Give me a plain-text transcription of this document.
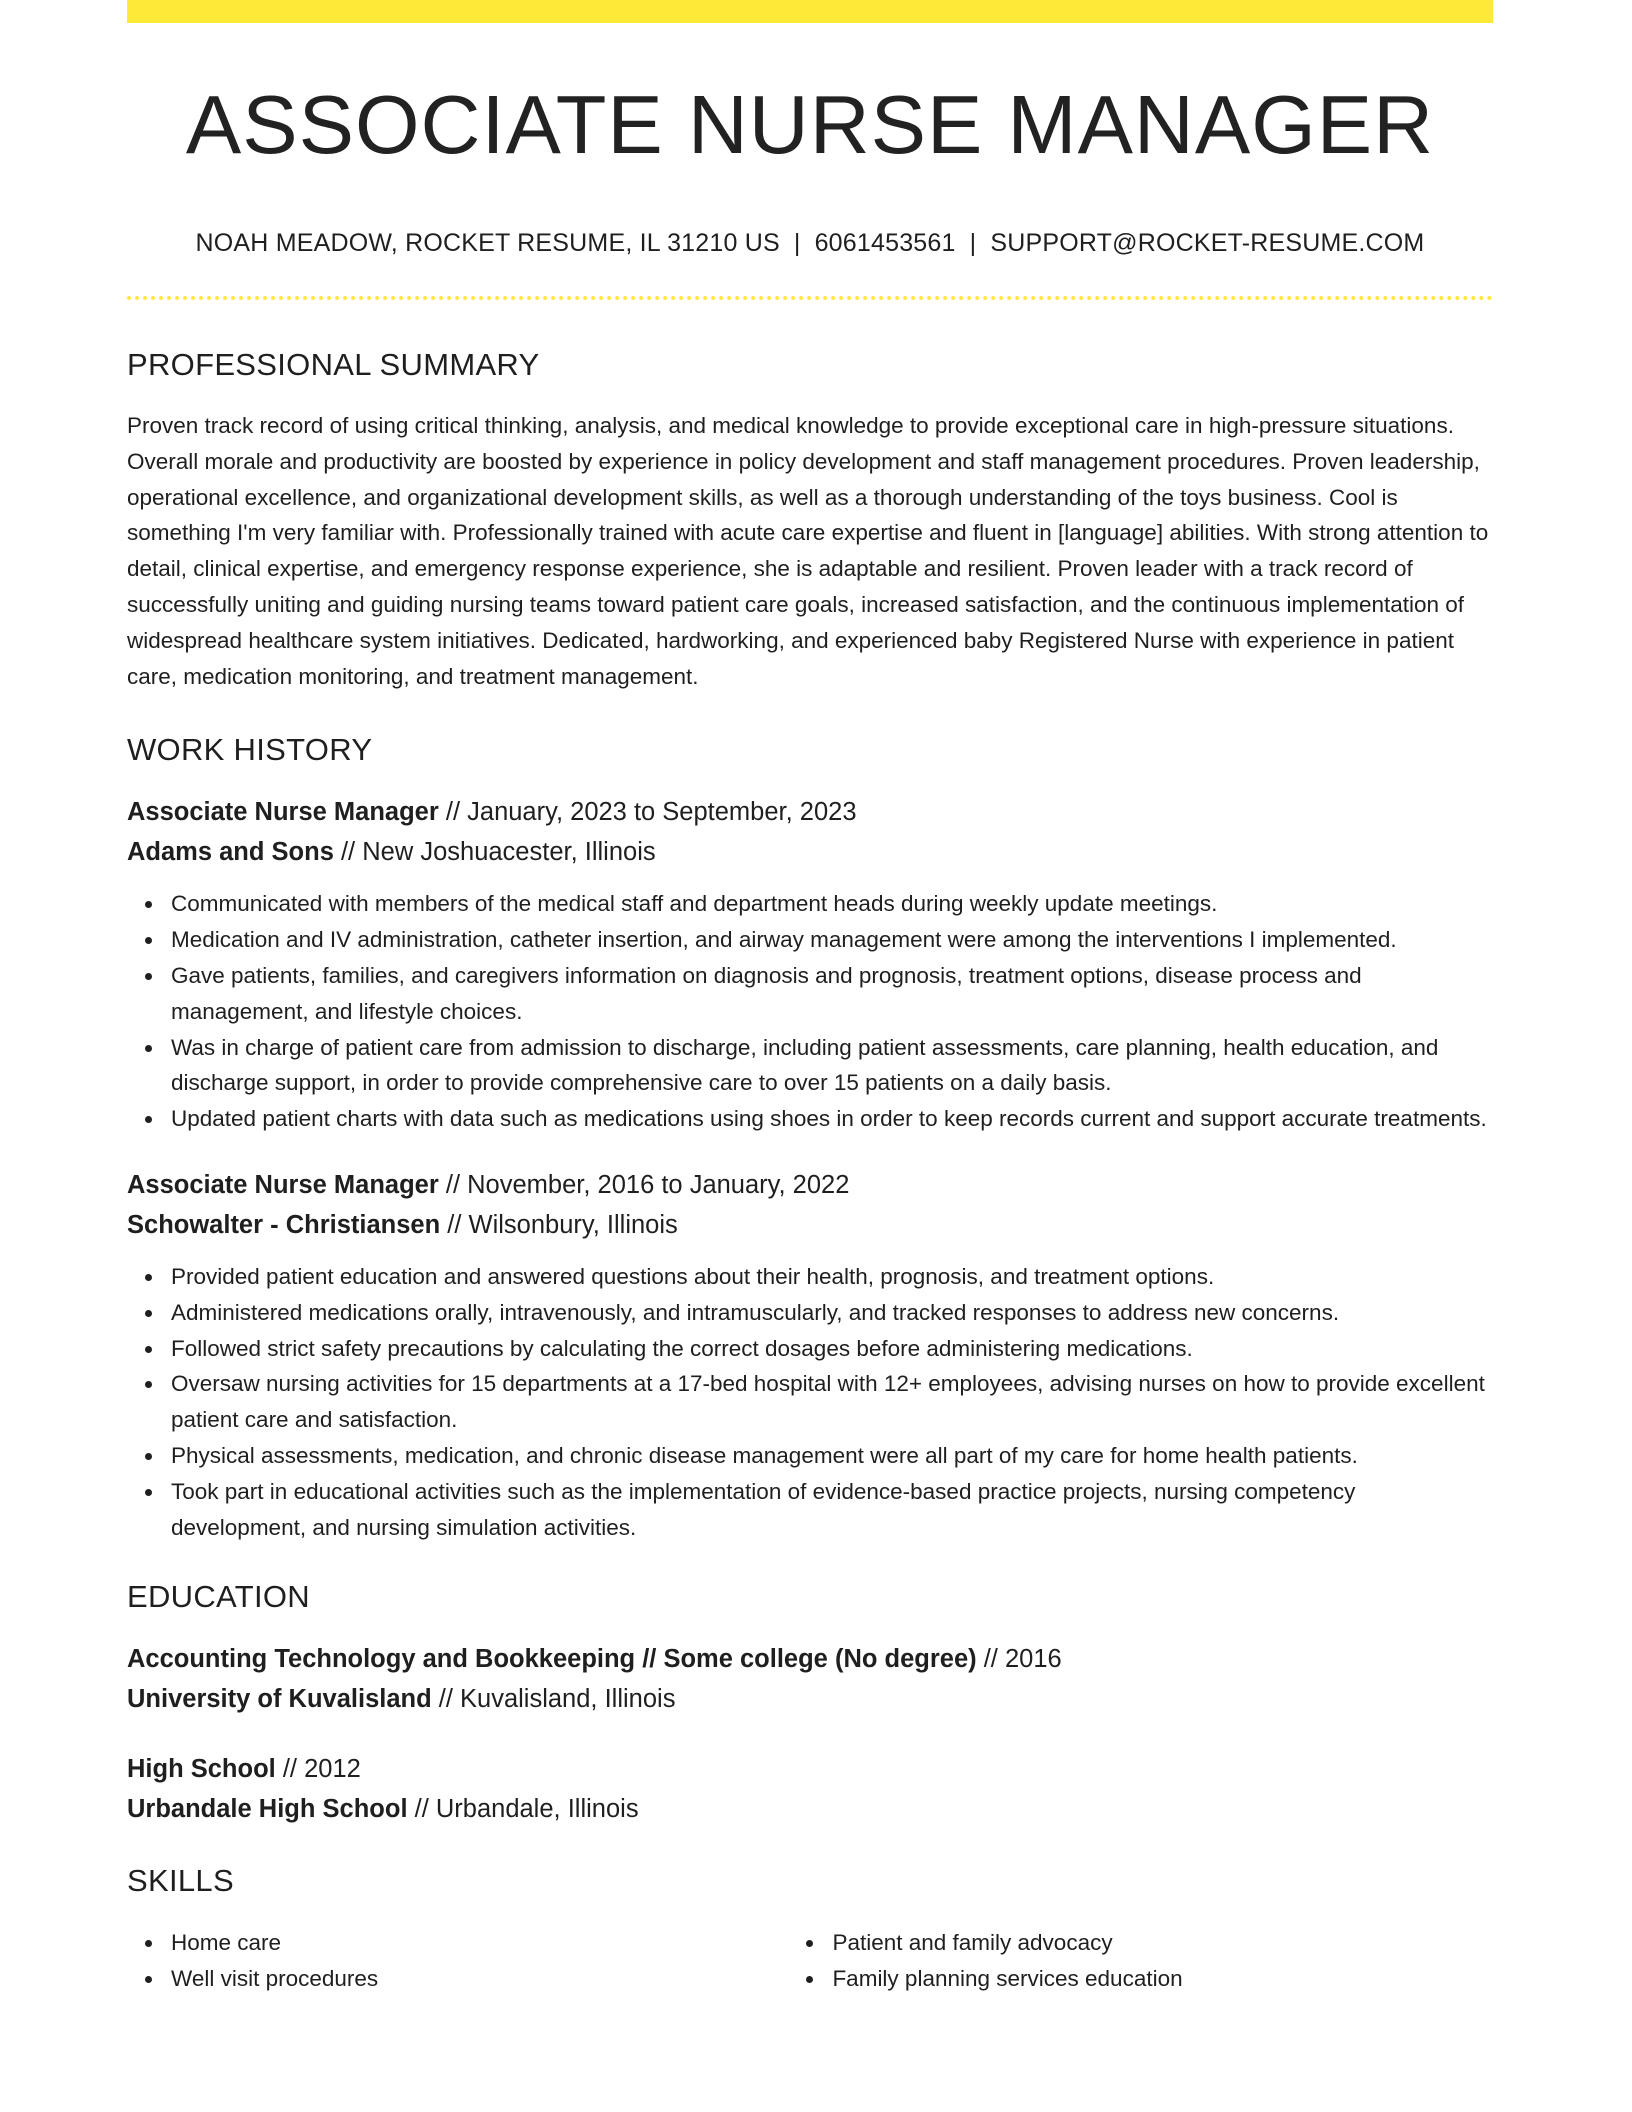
ASSOCIATE NURSE MANAGER
NOAH MEADOW, ROCKET RESUME, IL 31210 US | 6061453561 | SUPPORT@ROCKET-RESUME.COM
PROFESSIONAL SUMMARY

Proven track record of using critical thinking, analysis, and medical knowledge to provide exceptional care in high-pressure situations. Overall morale and productivity are boosted by experience in policy development and staff management procedures. Proven leadership, operational excellence, and organizational development skills, as well as a thorough understanding of the toys business. Cool is something I'm very familiar with. Professionally trained with acute care expertise and fluent in [language] abilities. With strong attention to detail, clinical expertise, and emergency response experience, she is adaptable and resilient. Proven leader with a track record of successfully uniting and guiding nursing teams toward patient care goals, increased satisfaction, and the continuous implementation of widespread healthcare system initiatives. Dedicated, hardworking, and experienced baby Registered Nurse with experience in patient care, medication monitoring, and treatment management.

WORK HISTORY
Associate Nurse Manager // January, 2023 to September, 2023
Adams and Sons // New Joshuacester, Illinois
Communicated with members of the medical staff and department heads during weekly update meetings.
Medication and IV administration, catheter insertion, and airway management were among the interventions I implemented.
Gave patients, families, and caregivers information on diagnosis and prognosis, treatment options, disease process and management, and lifestyle choices.
Was in charge of patient care from admission to discharge, including patient assessments, care planning, health education, and discharge support, in order to provide comprehensive care to over 15 patients on a daily basis.
Updated patient charts with data such as medications using shoes in order to keep records current and support accurate treatments.
Associate Nurse Manager // November, 2016 to January, 2022
Schowalter - Christiansen // Wilsonbury, Illinois
Provided patient education and answered questions about their health, prognosis, and treatment options.
Administered medications orally, intravenously, and intramuscularly, and tracked responses to address new concerns.
Followed strict safety precautions by calculating the correct dosages before administering medications.
Oversaw nursing activities for 15 departments at a 17-bed hospital with 12+ employees, advising nurses on how to provide excellent patient care and satisfaction.
Physical assessments, medication, and chronic disease management were all part of my care for home health patients.
Took part in educational activities such as the implementation of evidence-based practice projects, nursing competency development, and nursing simulation activities.
EDUCATION
Accounting Technology and Bookkeeping // Some college (No degree) // 2016
University of Kuvalisland // Kuvalisland, Illinois
High School // 2012
Urbandale High School // Urbandale, Illinois
SKILLS
Home care
Well visit procedures
Patient and family advocacy
Family planning services education
